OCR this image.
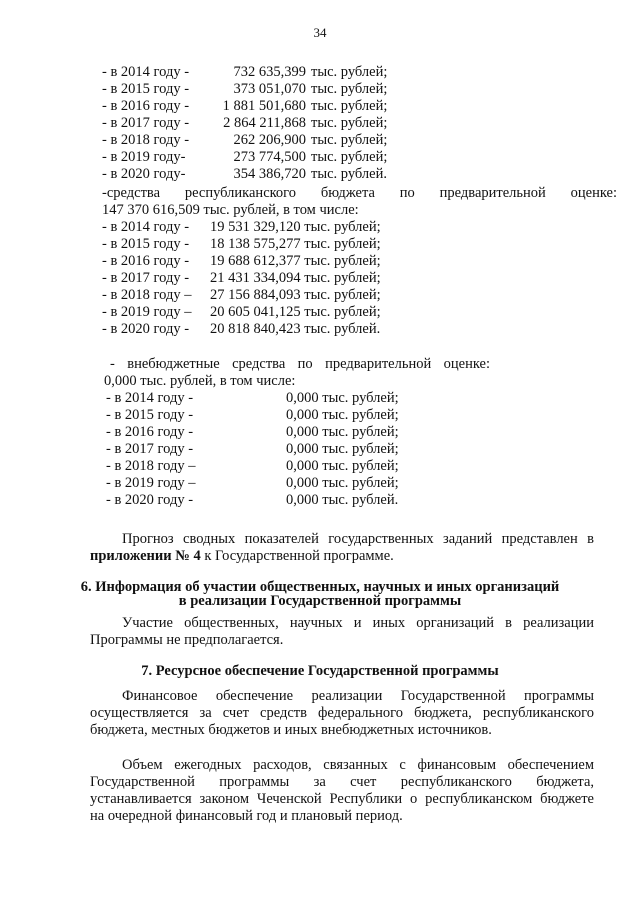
34
- в 2014 году -	732 635,399 тыс. рублей;
- в 2015 году -	373 051,070 тыс. рублей;
- в 2016 году -	1 881 501,680 тыс. рублей;
- в 2017 году -	2 864 211,868 тыс. рублей;
- в 2018 году -	262 206,900 тыс. рублей;
- в 2019 году-	273 774,500 тыс. рублей;
- в 2020 году-	354 386,720 тыс. рублей.
-средства республиканского бюджета по предварительной оценке:
147 370 616,509 тыс. рублей, в том числе:
- в 2014 году - 19 531 329,120 тыс. рублей;
- в 2015 году - 18 138 575,277 тыс. рублей;
- в 2016 году - 19 688 612,377 тыс. рублей;
- в 2017 году - 21 431 334,094 тыс. рублей;
- в 2018 году – 27 156 884,093 тыс. рублей;
- в 2019 году – 20 605 041,125 тыс. рублей;
- в 2020 году - 20 818 840,423 тыс. рублей.
- внебюджетные средства по предварительной оценке:
0,000 тыс. рублей, в том числе:
- в 2014 году -	0,000 тыс. рублей;
- в 2015 году -	0,000 тыс. рублей;
- в 2016 году -	0,000 тыс. рублей;
- в 2017 году -	0,000 тыс. рублей;
- в 2018 году –	0,000 тыс. рублей;
- в 2019 году –	0,000 тыс. рублей;
- в 2020 году -	0,000 тыс. рублей.
Прогноз сводных показателей государственных заданий представлен в
приложении № 4 к Государственной программе.
6. Информация об участии общественных, научных и иных организаций
в реализации Государственной программы
Участие общественных, научных и иных организаций в реализации
Программы не предполагается.
7. Ресурсное обеспечение Государственной программы
Финансовое обеспечение реализации Государственной программы
осуществляется за счет средств федерального бюджета, республиканского
бюджета, местных бюджетов и иных внебюджетных источников.
Объем ежегодных расходов, связанных с финансовым обеспечением
Государственной программы за счет республиканского бюджета,
устанавливается законом Чеченской Республики о республиканском бюджете
на очередной финансовый год и плановый период.
